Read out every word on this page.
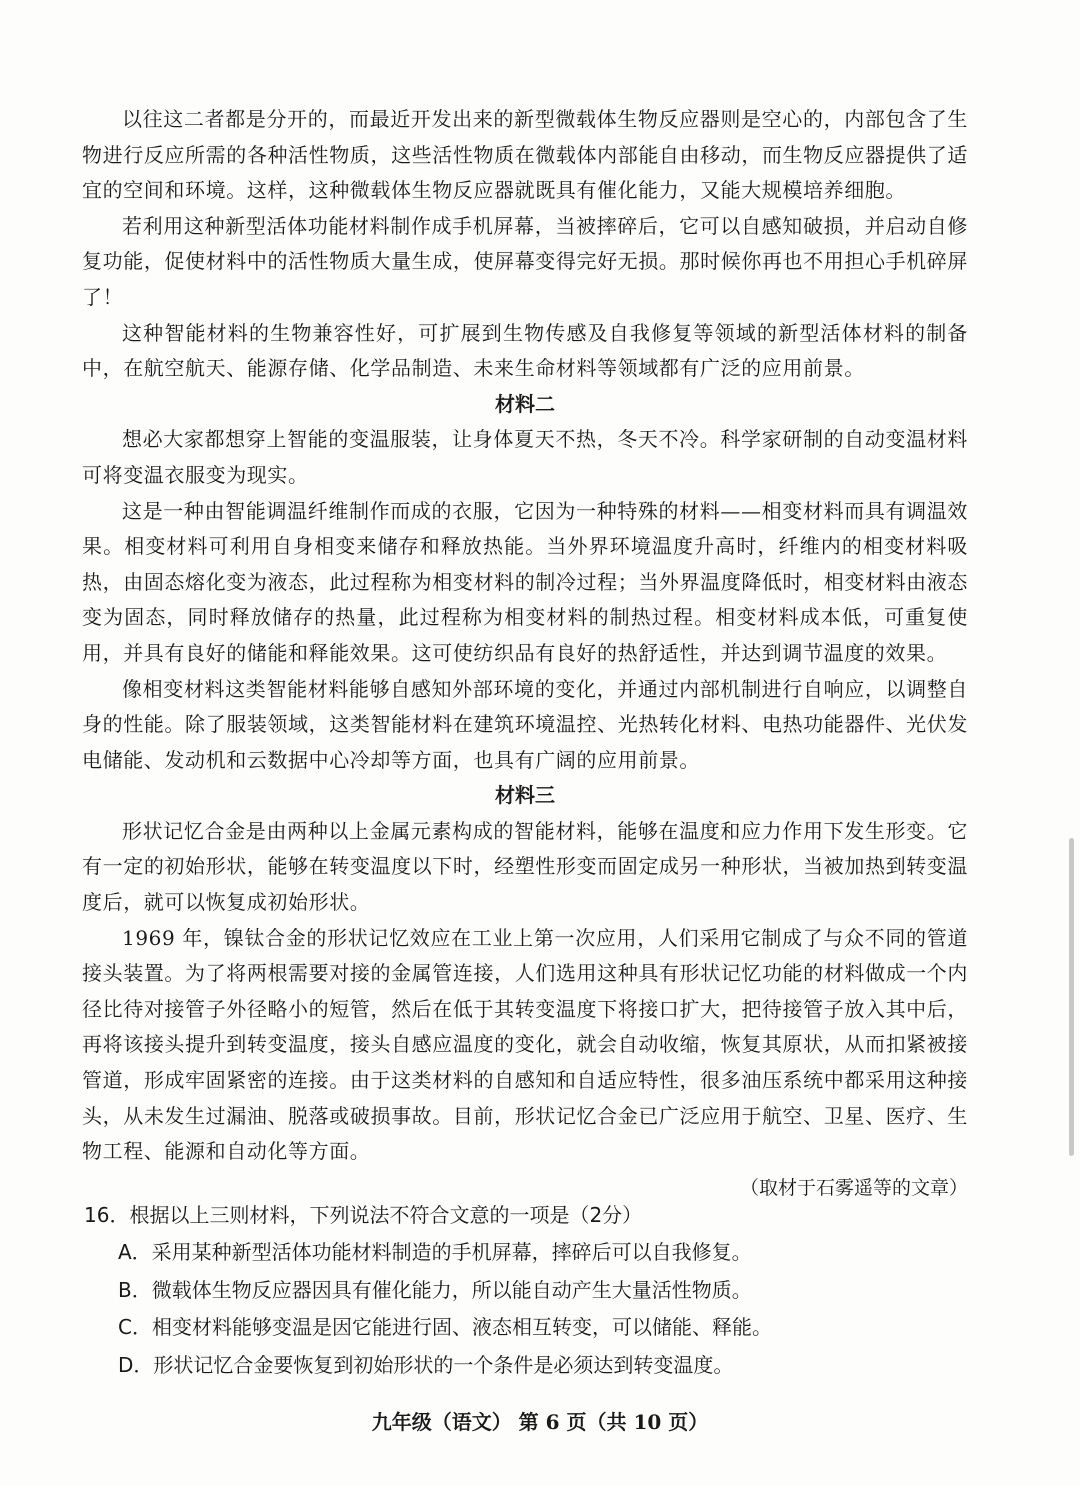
以往这二者都是分开的，而最近开发出来的新型微载体生物反应器则是空心的，内部包含了生物进行反应所需的各种活性物质，这些活性物质在微载体内部能自由移动，而生物反应器提供了适宜的空间和环境。这样，这种微载体生物反应器就既具有催化能力，又能大规模培养细胞。

若利用这种新型活体功能材料制作成手机屏幕，当被摔碎后，它可以自感知破损，并启动自修复功能，促使材料中的活性物质大量生成，使屏幕变得完好无损。那时候你再也不用担心手机碎屏了！

这种智能材料的生物兼容性好，可扩展到生物传感及自我修复等领域的新型活体材料的制备中，在航空航天、能源存储、化学品制造、未来生命材料等领域都有广泛的应用前景。

材料二

想必大家都想穿上智能的变温服装，让身体夏天不热，冬天不冷。科学家研制的自动变温材料可将变温衣服变为现实。

这是一种由智能调温纤维制作而成的衣服，它因为一种特殊的材料——相变材料而具有调温效果。相变材料可利用自身相变来储存和释放热能。当外界环境温度升高时，纤维内的相变材料吸热，由固态熔化变为液态，此过程称为相变材料的制冷过程；当外界温度降低时，相变材料由液态变为固态，同时释放储存的热量，此过程称为相变材料的制热过程。相变材料成本低，可重复使用，并具有良好的储能和释能效果。这可使纺织品有良好的热舒适性，并达到调节温度的效果。

像相变材料这类智能材料能够自感知外部环境的变化，并通过内部机制进行自响应，以调整自身的性能。除了服装领域，这类智能材料在建筑环境温控、光热转化材料、电热功能器件、光伏发电储能、发动机和云数据中心冷却等方面，也具有广阔的应用前景。

材料三

形状记忆合金是由两种以上金属元素构成的智能材料，能够在温度和应力作用下发生形变。它有一定的初始形状，能够在转变温度以下时，经塑性形变而固定成另一种形状，当被加热到转变温度后，就可以恢复成初始形状。

1969 年，镍钛合金的形状记忆效应在工业上第一次应用，人们采用它制成了与众不同的管道接头装置。为了将两根需要对接的金属管连接，人们选用这种具有形状记忆功能的材料做成一个内径比待对接管子外径略小的短管，然后在低于其转变温度下将接口扩大，把待接管子放入其中后，再将该接头提升到转变温度，接头自感应温度的变化，就会自动收缩，恢复其原状，从而扣紧被接管道，形成牢固紧密的连接。由于这类材料的自感知和自适应特性，很多油压系统中都采用这种接头，从未发生过漏油、脱落或破损事故。目前，形状记忆合金已广泛应用于航空、卫星、医疗、生物工程、能源和自动化等方面。

（取材于石雾遥等的文章）

16．根据以上三则材料，下列说法不符合文意的一项是（2分）

A．采用某种新型活体功能材料制造的手机屏幕，摔碎后可以自我修复。

B．微载体生物反应器因具有催化能力，所以能自动产生大量活性物质。

C．相变材料能够变温是因它能进行固、液态相互转变，可以储能、释能。

D．形状记忆合金要恢复到初始形状的一个条件是必须达到转变温度。

九年级（语文） 第 6 页（共 10 页）
